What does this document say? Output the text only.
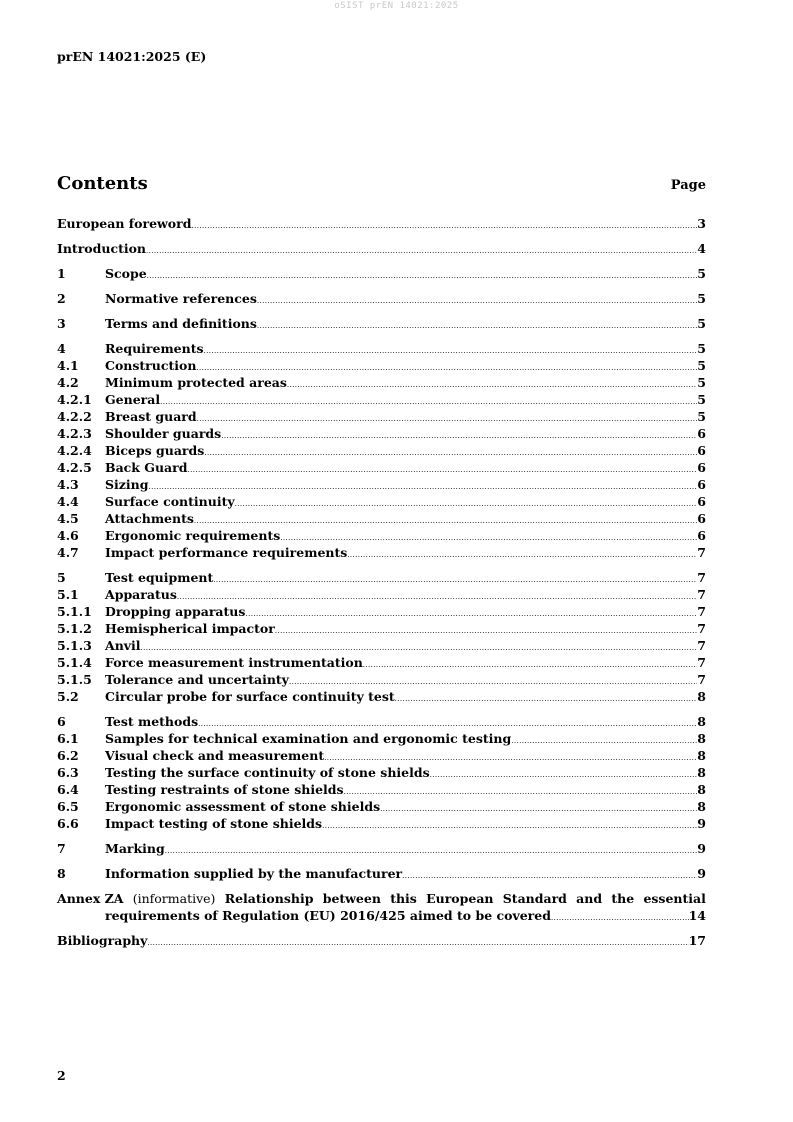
oSIST prEN 14021:2025
prEN 14021:2025 (E)
Contents	Page
European foreword .....	3
Introduction .....	4
1	Scope .....	5
2	Normative references .....	5
3	Terms and definitions .....	5
4	Requirements .....	5
4.1	Construction .....	5
4.2	Minimum protected areas .....	5
4.2.1	General .....	5
4.2.2	Breast guard .....	5
4.2.3	Shoulder guards .....	6
4.2.4	Biceps guards .....	6
4.2.5	Back Guard .....	6
4.3	Sizing .....	6
4.4	Surface continuity .....	6
4.5	Attachments .....	6
4.6	Ergonomic requirements .....	6
4.7	Impact performance requirements .....	7
5	Test equipment .....	7
5.1	Apparatus .....	7
5.1.1	Dropping apparatus .....	7
5.1.2	Hemispherical impactor .....	7
5.1.3	Anvil .....	7
5.1.4	Force measurement instrumentation .....	7
5.1.5	Tolerance and uncertainty .....	7
5.2	Circular probe for surface continuity test .....	8
6	Test methods .....	8
6.1	Samples for technical examination and ergonomic testing .....	8
6.2	Visual check and measurement .....	8
6.3	Testing the surface continuity of stone shields .....	8
6.4	Testing restraints of stone shields .....	8
6.5	Ergonomic assessment of stone shields .....	8
6.6	Impact testing of stone shields .....	9
7	Marking .....	9
8	Information supplied by the manufacturer .....	9
Annex ZA (informative) Relationship between this European Standard and the essential
requirements of Regulation (EU) 2016/425 aimed to be covered .....	14
Bibliography .....	17
2
